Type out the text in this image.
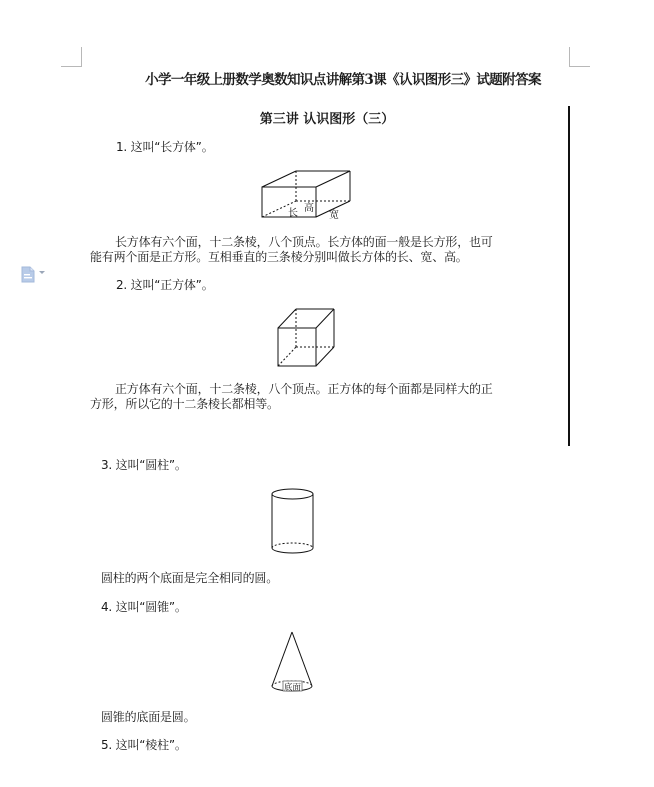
小学一年级上册数学奥数知识点讲解第3课《认识图形三》试题附答案
第三讲 认识图形（三）
1. 这叫“长方体”。
长 高
宽
长方体有六个面，十二条棱，八个顶点。长方体的面一般是长方形，也可
能有两个面是正方形。互相垂直的三条棱分别叫做长方体的长、宽、高。
2. 这叫“正方体”。
正方体有六个面，十二条棱，八个顶点。正方体的每个面都是同样大的正
方形，所以它的十二条棱长都相等。
3. 这叫“圆柱”。
圆柱的两个底面是完全相同的圆。
4. 这叫“圆锥”。
底面
圆锥的底面是圆。
5. 这叫“棱柱”。
